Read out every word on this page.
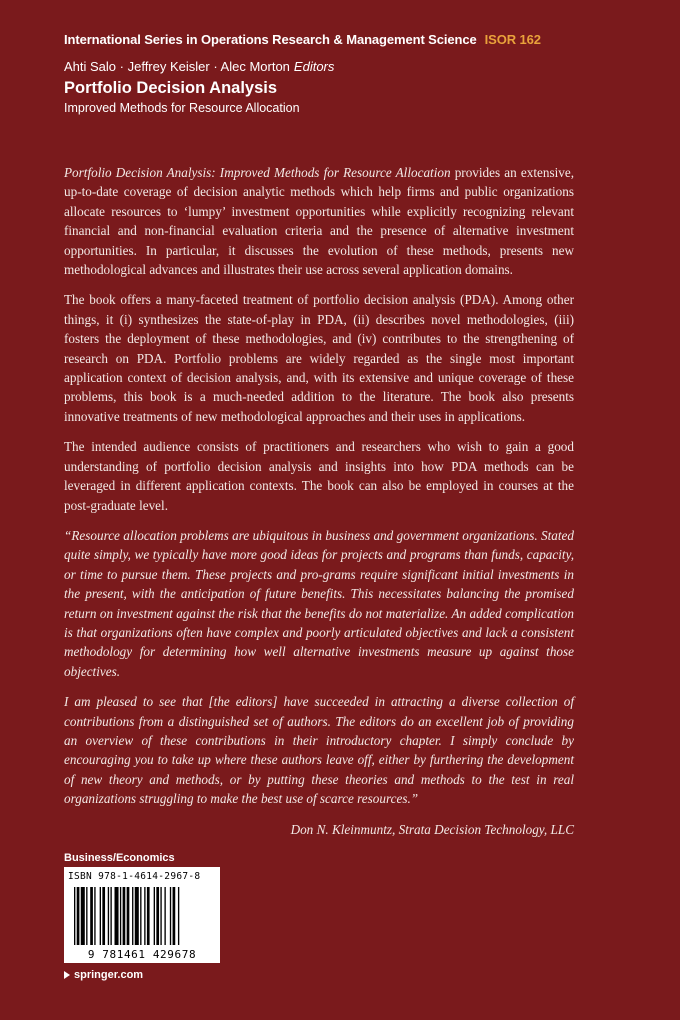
International Series in Operations Research & Management Science ISOR 162
Ahti Salo · Jeffrey Keisler · Alec Morton Editors
Portfolio Decision Analysis
Improved Methods for Resource Allocation

Portfolio Decision Analysis: Improved Methods for Resource Allocation provides an extensive, up-to-date coverage of decision analytic methods which help firms and public organizations allocate resources to ‘lumpy’ investment opportunities while explicitly recognizing relevant financial and non-financial evaluation criteria and the presence of alternative investment opportunities. In particular, it discusses the evolution of these methods, presents new methodological advances and illustrates their use across several application domains.

The book offers a many-faceted treatment of portfolio decision analysis (PDA). Among other things, it (i) synthesizes the state-of-play in PDA, (ii) describes novel methodologies, (iii) fosters the deployment of these methodologies, and (iv) contributes to the strengthening of research on PDA. Portfolio problems are widely regarded as the single most important application context of decision analysis, and, with its extensive and unique coverage of these problems, this book is a much-needed addition to the literature. The book also presents innovative treatments of new methodological approaches and their uses in applications.

The intended audience consists of practitioners and researchers who wish to gain a good understanding of portfolio decision analysis and insights into how PDA methods can be leveraged in different application contexts. The book can also be employed in courses at the post-graduate level.

“Resource allocation problems are ubiquitous in business and government organizations. Stated quite simply, we typically have more good ideas for projects and programs than funds, capacity, or time to pursue them. These projects and pro-grams require significant initial investments in the present, with the anticipation of future benefits. This necessitates balancing the promised return on investment against the risk that the benefits do not materialize. An added complication is that organizations often have complex and poorly articulated objectives and lack a consistent methodology for determining how well alternative investments measure up against those objectives.

I am pleased to see that [the editors] have succeeded in attracting a diverse collection of contributions from a distinguished set of authors. The editors do an excellent job of providing an overview of these contributions in their introductory chapter. I simply conclude by encouraging you to take up where these authors leave off, either by furthering the development of new theory and methods, or by putting these theories and methods to the test in real organizations struggling to make the best use of scarce resources.”

Don N. Kleinmuntz, Strata Decision Technology, LLC

Business/Economics
ISBN 978-1-4614-2967-8
9 781461 429678
springer.com
